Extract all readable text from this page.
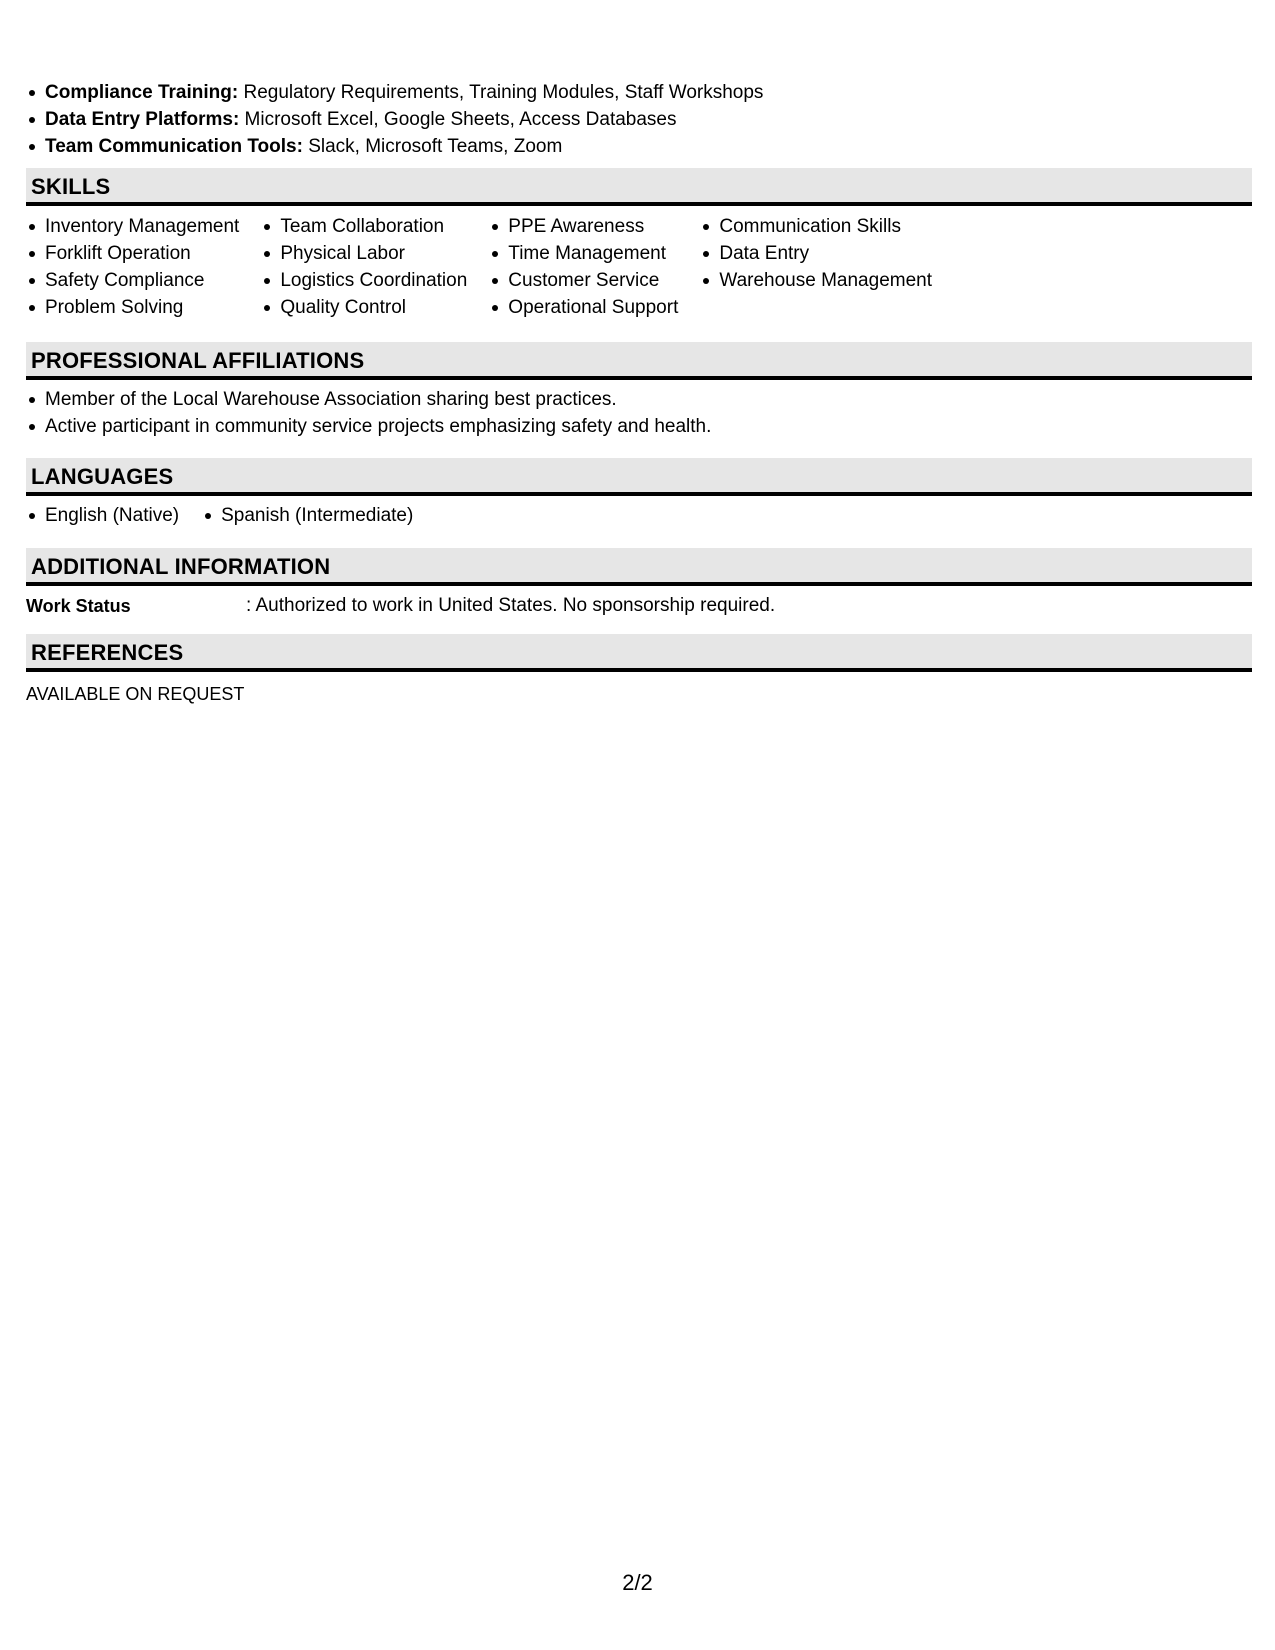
Compliance Training: Regulatory Requirements, Training Modules, Staff Workshops
Data Entry Platforms: Microsoft Excel, Google Sheets, Access Databases
Team Communication Tools: Slack, Microsoft Teams, Zoom
SKILLS
Inventory Management
Forklift Operation
Safety Compliance
Problem Solving
Team Collaboration
Physical Labor
Logistics Coordination
Quality Control
PPE Awareness
Time Management
Customer Service
Operational Support
Communication Skills
Data Entry
Warehouse Management
PROFESSIONAL AFFILIATIONS
Member of the Local Warehouse Association sharing best practices.
Active participant in community service projects emphasizing safety and health.
LANGUAGES
English (Native)	Spanish (Intermediate)
ADDITIONAL INFORMATION
Work Status	: Authorized to work in United States. No sponsorship required.
REFERENCES
AVAILABLE ON REQUEST
2/2
